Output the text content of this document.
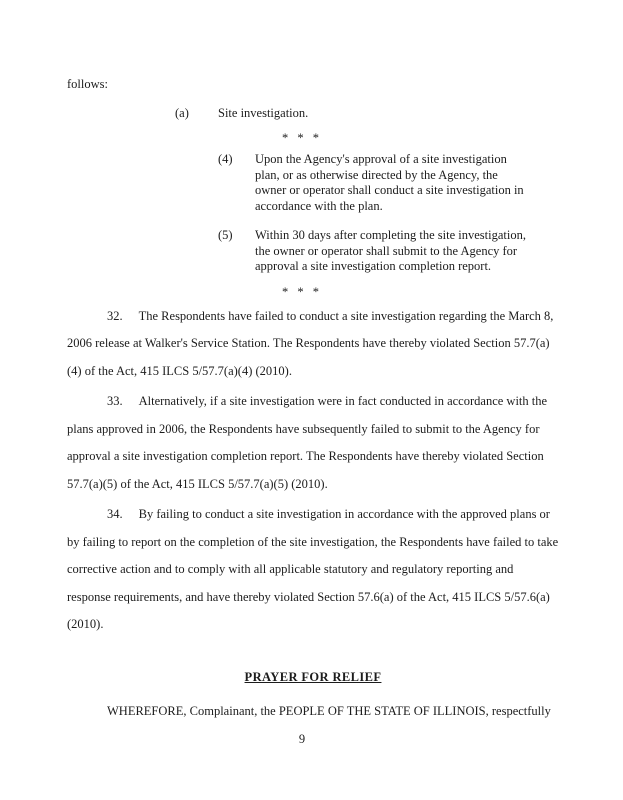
follows:

(a) Site investigation.
* * *
(4)	Upon the Agency's approval of a site investigation plan, or as otherwise directed by the Agency, the owner or operator shall conduct a site investigation in accordance with the plan.
(5)	Within 30 days after completing the site investigation, the owner or operator shall submit to the Agency for approval a site investigation completion report.
* * *

32. The Respondents have failed to conduct a site investigation regarding the March 8, 2006 release at Walker's Service Station. The Respondents have thereby violated Section 57.7(a)(4) of the Act, 415 ILCS 5/57.7(a)(4) (2010).

33. Alternatively, if a site investigation were in fact conducted in accordance with the plans approved in 2006, the Respondents have subsequently failed to submit to the Agency for approval a site investigation completion report. The Respondents have thereby violated Section 57.7(a)(5) of the Act, 415 ILCS 5/57.7(a)(5) (2010).

34. By failing to conduct a site investigation in accordance with the approved plans or by failing to report on the completion of the site investigation, the Respondents have failed to take corrective action and to comply with all applicable statutory and regulatory reporting and response requirements, and have thereby violated Section 57.6(a) of the Act, 415 ILCS 5/57.6(a) (2010).

PRAYER FOR RELIEF

WHEREFORE, Complainant, the PEOPLE OF THE STATE OF ILLINOIS, respectfully

9
